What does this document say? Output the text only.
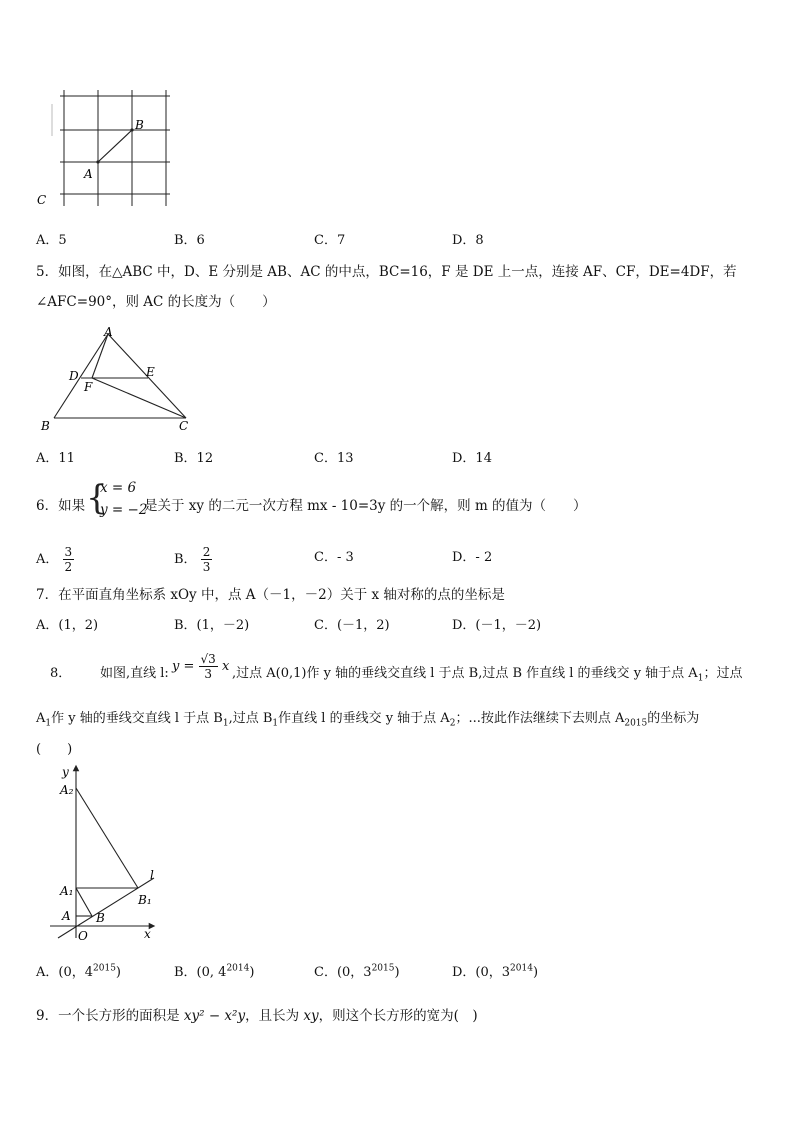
A
B
C
A．5	B．6	C．7	D．8
5．如图，在△ABC 中，D、E 分别是 AB、AC 的中点，BC=16，F 是 DE 上一点，连接 AF、CF，DE=4DF，若
∠AFC=90°，则 AC 的长度为（　　）
A
D	E
F
B	C
A．11	B．12	C．13	D．14
6．如果 {
x = 6
y = −2
是关于 xy 的二元一次方程 mx - 10=3y 的一个解，则 m 的值为（　　）
A． $\frac{3}{2}$	B． $\frac{2}{3}$	C．- 3	D．- 2
7．在平面直角坐标系 xOy 中，点 A（－1，－2）关于 x 轴对称的点的坐标是
A．(1，2)	B．(1，－2)	C．(－1，2)	D．(－1，－2)
8． 如图,直线 l: $y = \frac{√3}{3}$ x ,过点 A(0,1)作 y 轴的垂线交直线 l 于点 B,过点 B 作直线 l 的垂线交 y 轴于点 $A_1$；过点
$A_1$作 y 轴的垂线交直线 l 于点 $B_1$,过点 $B_1$作直线 l 的垂线交 y 轴于点 $A_2$；...按此作法继续下去则点 $A_{2015}$的坐标为
(　　)
y
A₂
l
A₁
B₁
A B
O	x
A．(0，$4^{2015}$)	B．(0, $4^{2014}$)	C．(0，$3^{2015}$)	D．(0，$3^{2014}$)
9．一个长方形的面积是 xy² − x²y，且长为 xy，则这个长方形的宽为(　)
